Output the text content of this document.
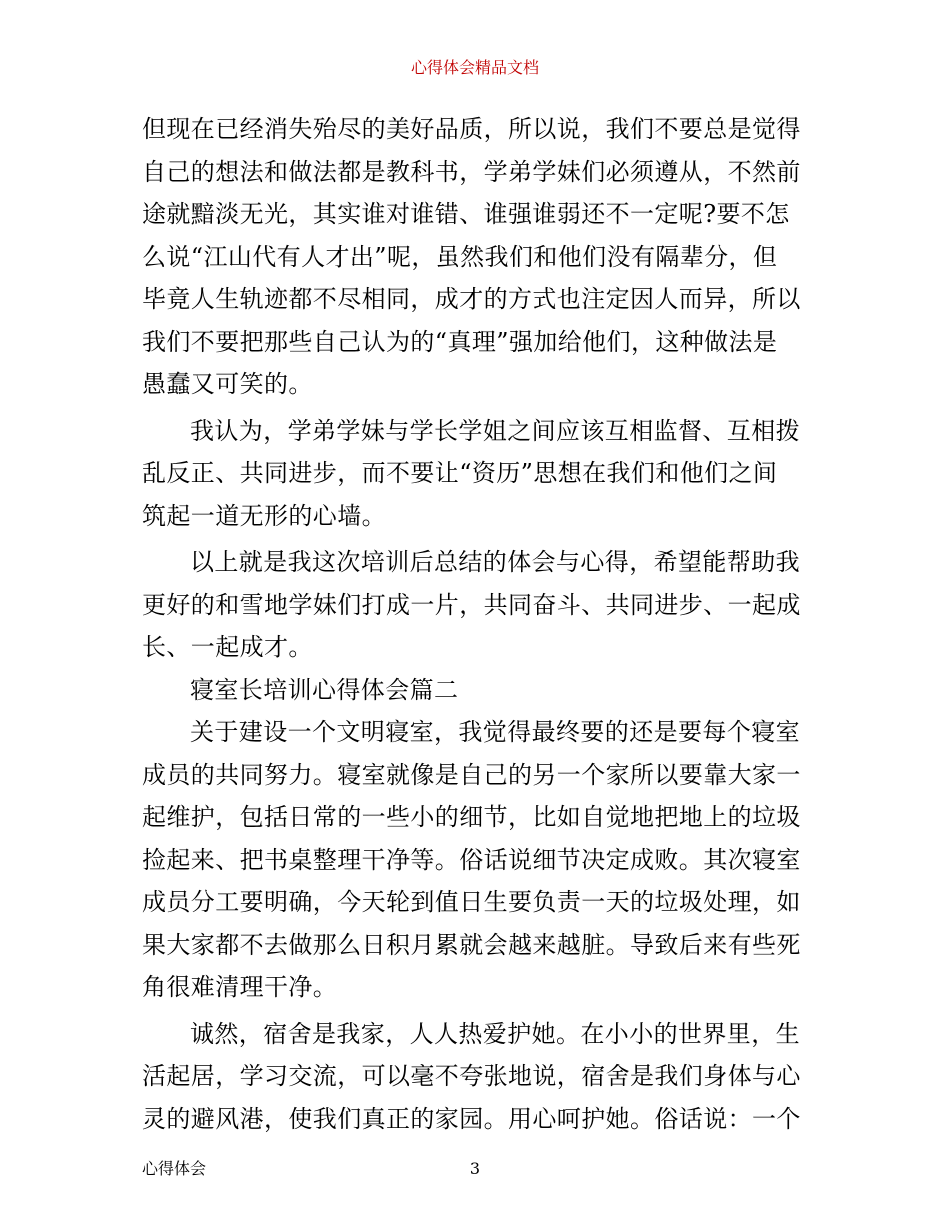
心得体会精品文档

但现在已经消失殆尽的美好品质，所以说，我们不要总是觉得
自己的想法和做法都是教科书，学弟学妹们必须遵从，不然前
途就黯淡无光，其实谁对谁错、谁强谁弱还不一定呢?要不怎
么说“江山代有人才出”呢，虽然我们和他们没有隔辈分，但
毕竟人生轨迹都不尽相同，成才的方式也注定因人而异，所以
我们不要把那些自己认为的“真理”强加给他们，这种做法是
愚蠢又可笑的。

我认为，学弟学妹与学长学姐之间应该互相监督、互相拨
乱反正、共同进步，而不要让“资历”思想在我们和他们之间
筑起一道无形的心墙。

以上就是我这次培训后总结的体会与心得，希望能帮助我
更好的和雪地学妹们打成一片，共同奋斗、共同进步、一起成
长、一起成才。

寝室长培训心得体会篇二

关于建设一个文明寝室，我觉得最终要的还是要每个寝室
成员的共同努力。寝室就像是自己的另一个家所以要靠大家一
起维护，包括日常的一些小的细节，比如自觉地把地上的垃圾
捡起来、把书桌整理干净等。俗话说细节决定成败。其次寝室
成员分工要明确，今天轮到值日生要负责一天的垃圾处理，如
果大家都不去做那么日积月累就会越来越脏。导致后来有些死
角很难清理干净。

诚然，宿舍是我家，人人热爱护她。在小小的世界里，生
活起居，学习交流，可以毫不夸张地说，宿舍是我们身体与心
灵的避风港，使我们真正的家园。用心呵护她。俗话说：一个

心得体会	3
